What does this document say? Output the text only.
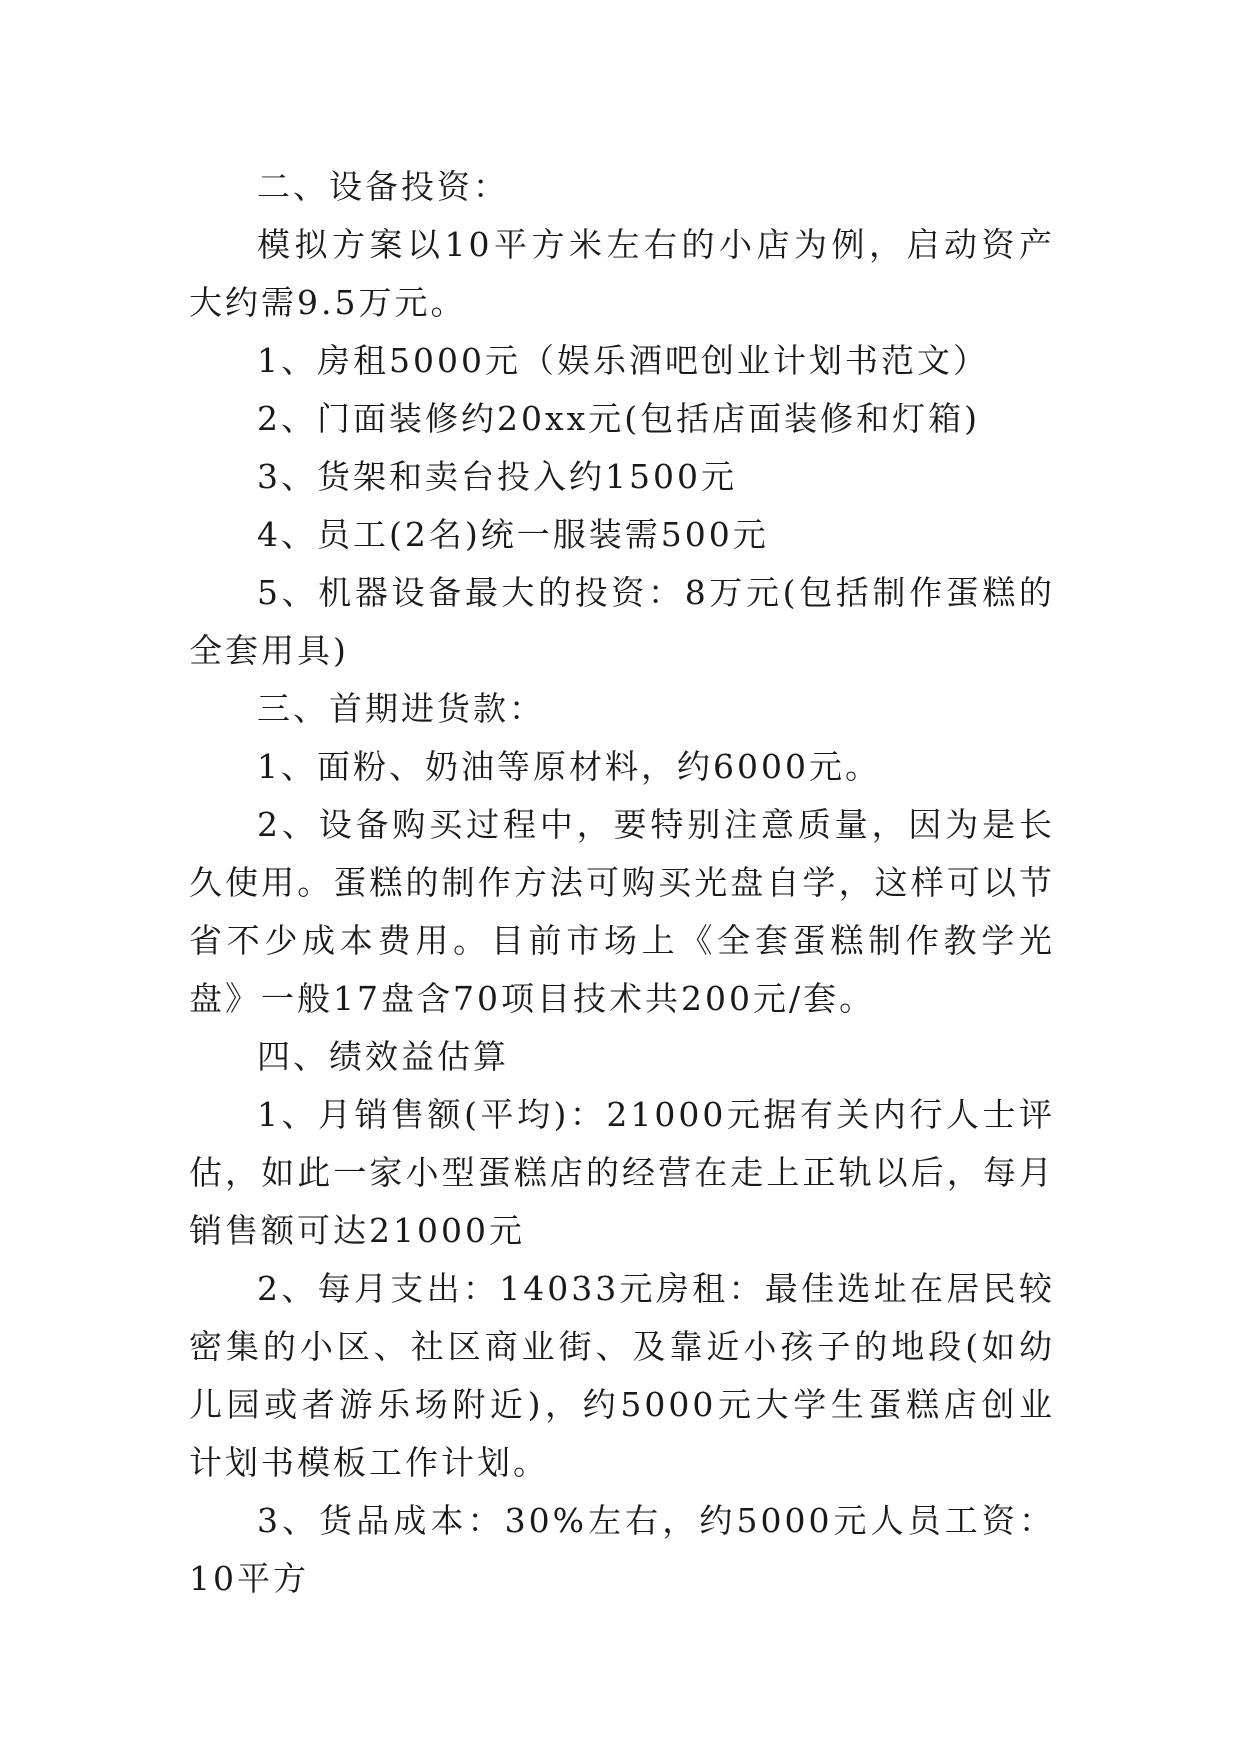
二、设备投资：

模拟方案以10平方米左右的小店为例，启动资产大约需9.5万元。

1、房租5000元（娱乐酒吧创业计划书范文）

2、门面装修约20xx元(包括店面装修和灯箱)

3、货架和卖台投入约1500元

4、员工(2名)统一服装需500元

5、机器设备最大的投资：8万元(包括制作蛋糕的全套用具)

三、首期进货款：

1、面粉、奶油等原材料，约6000元。

2、设备购买过程中，要特别注意质量，因为是长久使用。蛋糕的制作方法可购买光盘自学，这样可以节省不少成本费用。目前市场上《全套蛋糕制作教学光盘》一般17盘含70项目技术共200元/套。

四、绩效益估算

1、月销售额(平均)：21000元据有关内行人士评估，如此一家小型蛋糕店的经营在走上正轨以后，每月销售额可达21000元

2、每月支出：14033元房租：最佳选址在居民较密集的小区、社区商业街、及靠近小孩子的地段(如幼儿园或者游乐场附近)，约5000元大学生蛋糕店创业计划书模板工作计划。

3、货品成本：30%左右，约5000元人员工资：10平方
